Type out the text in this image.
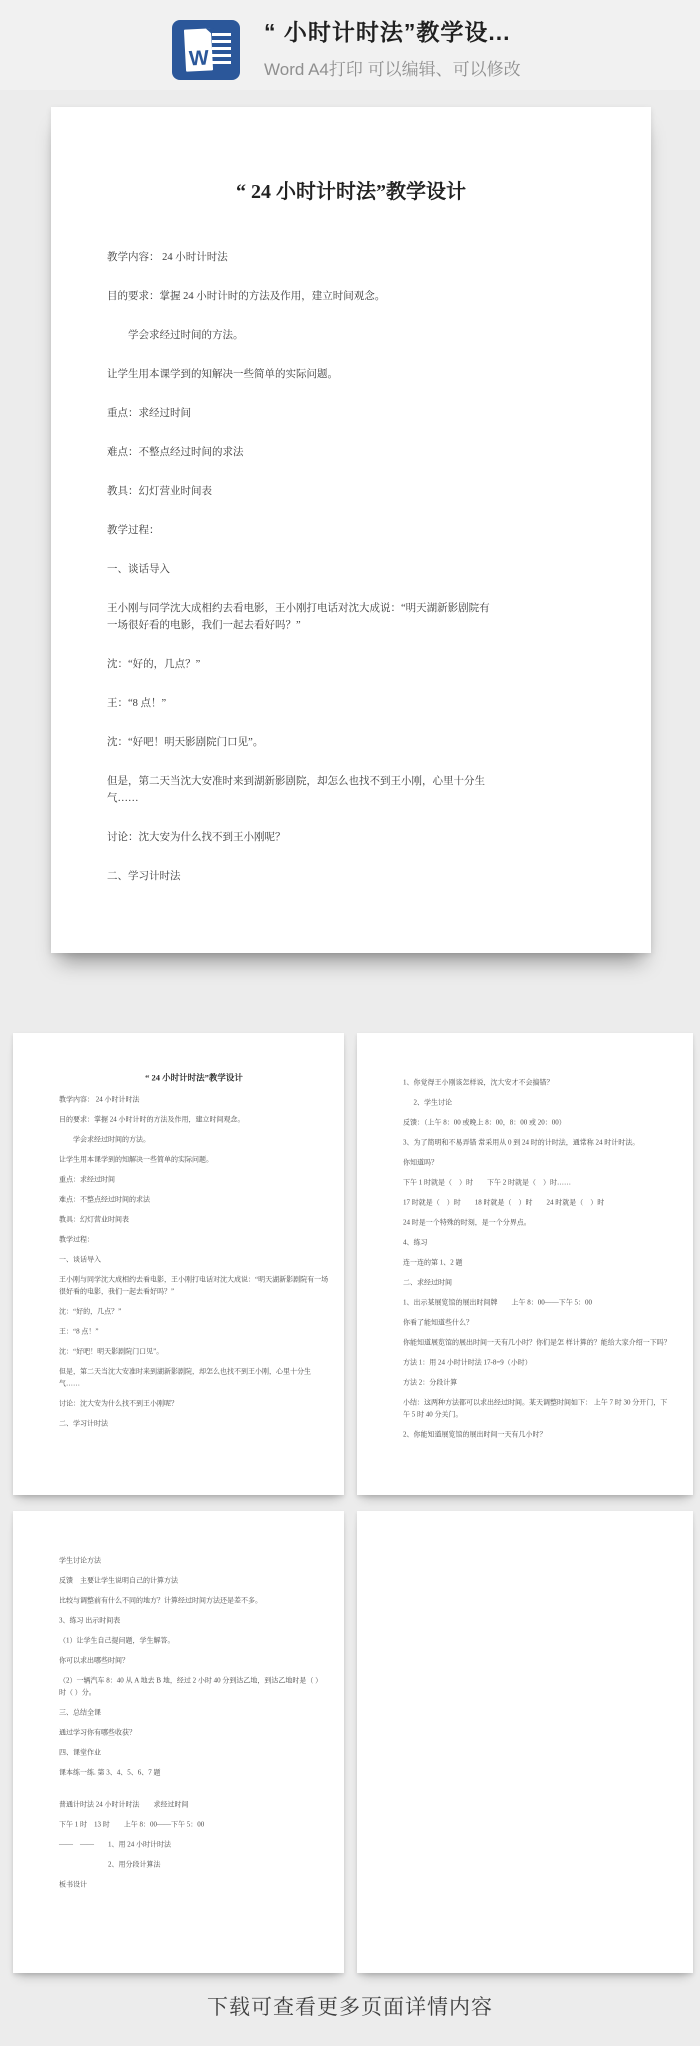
W
“ 小时计时法”教学设...
Word A4打印 可以编辑、可以修改
“ 24 小时计时法”教学设计

教学内容： 24 小时计时法

目的要求：掌握 24 小时计时的方法及作用，建立时间观念。

学会求经过时间的方法。

让学生用本课学到的知解决一些简单的实际问题。

重点：求经过时间

难点：不整点经过时间的求法

教具：幻灯营业时间表

教学过程：

一、谈话导入

王小刚与同学沈大成相约去看电影，王小刚打电话对沈大成说：“明天湖新影剧院有一场很好看的电影，我们一起去看好吗？”

沈：“好的，几点？”

王：“8 点！”

沈：“好吧！明天影剧院门口见”。

但是，第二天当沈大安准时来到湖新影剧院，却怎么也找不到王小刚，心里十分生气……

讨论：沈大安为什么找不到王小刚呢？

二、学习计时法

“ 24 小时计时法”教学设计

教学内容： 24 小时计时法

目的要求：掌握 24 小时计时的方法及作用，建立时间观念。

学会求经过时间的方法。

让学生用本课学到的知解决一些简单的实际问题。

重点：求经过时间

难点：不整点经过时间的求法

教具：幻灯营业时间表

教学过程：

一、谈话导入

王小刚与同学沈大成相约去看电影，王小刚打电话对沈大成说：“明天湖新影剧院有一场很好看的电影，我们一起去看好吗？”

沈：“好的，几点？”

王：“8 点！”

沈：“好吧！明天影剧院门口见”。

但是，第二天当沈大安准时来到湖新影剧院，却怎么也找不到王小刚，心里十分生气……

讨论：沈大安为什么找不到王小刚呢？

二、学习计时法

1、你觉得王小刚该怎样说，沈大安才不会搞错？

2、学生讨论

反馈：（上午 8：00 或晚上 8：00，8：00 或 20：00）

3、为了简明和不易弄错 常采用从 0 到 24 时的计时法，通常称 24 时计时法。

你知道吗？

下午 1 时就是（　）时　　下午 2 时就是（　）时……

17 时就是（　）时　　18 时就是（　）时　　24 时就是（　）时

24 时是一个特殊的时刻，是一个分界点。

4、练习

连一连的第 1、2 题

二、求经过时间

1、出示某展览馆的展出时间牌　　上午 8：00——下午 5：00

你看了能知道些什么？

你能知道展览馆的展出时间一天有几小时？你们是怎 样计算的？能给大家介绍一下吗？

方法 1：用 24 小时计时法 17-8=9（小时）

方法 2：分段计算

小结：这两种方法都可以求出经过时间。某天调整时间如下： 上午 7 时 30 分开门，下午 5 时 40 分关门。

2、你能知道展览馆的展出时间一天有几小时？

学生讨论方法

反馈　主要让学生说明自己的计算方法

比较与调整前有什么不同的地方？计算经过时间方法还是差不多。

3、练习 出示时间表

（1）让学生自己提问题，学生解答。

你可以求出哪些时间？

（2）一辆汽车 8：40 从 A 地去 B 地，经过 2 小时 40 分到达乙地，到达乙地时是（ ）时（ ）分。

三、总结全课

通过学习你有哪些收获？

四、课堂作业

课本练一练. 第 3、4、5、6、7 题

普通计时法 24 小时计时法　　求经过时间

下午 1 时　13 时　　上午 8：00——下午 5：00

——　——　　1、用 24 小时计时法

2、用分段计算法

板书设计

下载可查看更多页面详情内容
